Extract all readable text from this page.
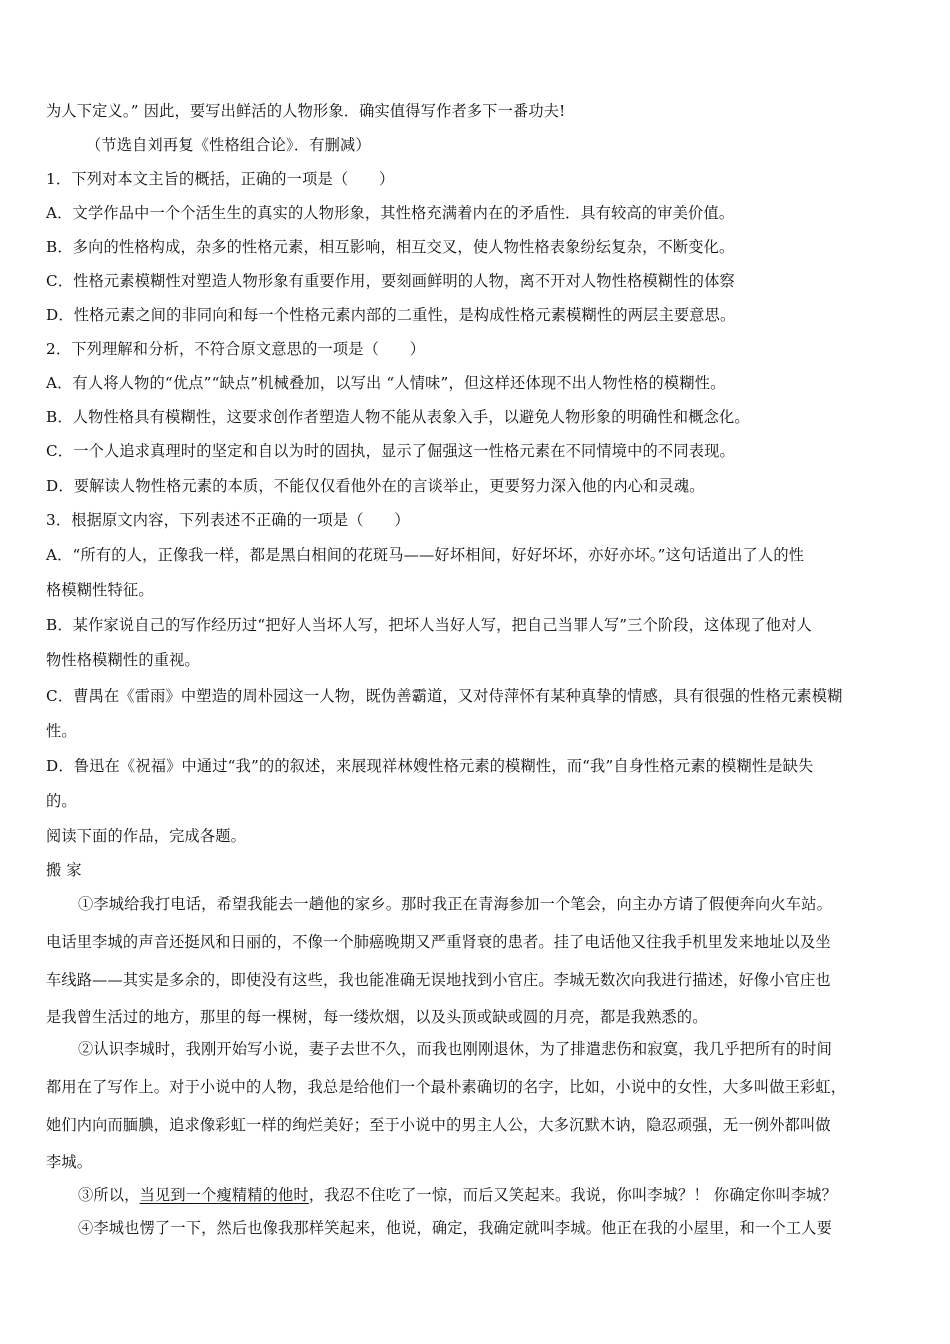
为人下定义。” 因此，要写出鲜活的人物形象．确实值得写作者多下一番功夫!
（节选自刘再复《性格组合论》．有删减）
1．下列对本文主旨的概括，正确的一项是（　　）
A．文学作品中一个个活生生的真实的人物形象，其性格充满着内在的矛盾性．具有较高的审美价值。
B．多向的性格构成，杂多的性格元素，相互影响，相互交叉，使人物性格表象纷纭复杂，不断变化。
C．性格元素模糊性对塑造人物形象有重要作用，要刻画鲜明的人物，离不开对人物性格模糊性的体察
D．性格元素之间的非同向和每一个性格元素内部的二重性，是构成性格元素模糊性的两层主要意思。
2．下列理解和分析，不符合原文意思的一项是（　　）
A．有人将人物的“优点”“缺点”机械叠加，以写出 “人情味”，但这样还体现不出人物性格的模糊性。
B．人物性格具有模糊性，这要求创作者塑造人物不能从表象入手，以避免人物形象的明确性和概念化。
C．一个人追求真理时的坚定和自以为时的固执，显示了倔强这一性格元素在不同情境中的不同表现。
D．要解读人物性格元素的本质，不能仅仅看他外在的言谈举止，更要努力深入他的内心和灵魂。
3．根据原文内容，下列表述不正确的一项是（　　）
A．“所有的人，正像我一样，都是黑白相间的花斑马——好坏相间，好好坏坏，亦好亦坏。”这句话道出了人的性
格模糊性特征。
B．某作家说自己的写作经历过“把好人当坏人写，把坏人当好人写，把自己当罪人写”三个阶段，这体现了他对人
物性格模糊性的重视。
C．曹禺在《雷雨》中塑造的周朴园这一人物，既伪善霸道，又对侍萍怀有某种真挚的情感，具有很强的性格元素模糊
性。
D．鲁迅在《祝福》中通过“我”的的叙述，来展现祥林嫂性格元素的模糊性，而“我”自身性格元素的模糊性是缺失
的。
阅读下面的作品，完成各题。
搬 家
①李城给我打电话，希望我能去一趟他的家乡。那时我正在青海参加一个笔会，向主办方请了假便奔向火车站。
电话里李城的声音还挺风和日丽的，不像一个肺癌晚期又严重肾衰的患者。挂了电话他又往我手机里发来地址以及坐
车线路——其实是多余的，即使没有这些，我也能准确无误地找到小官庄。李城无数次向我进行描述，好像小官庄也
是我曾生活过的地方，那里的每一棵树，每一缕炊烟，以及头顶或缺或圆的月亮，都是我熟悉的。
②认识李城时，我刚开始写小说，妻子去世不久，而我也刚刚退休，为了排遣悲伤和寂寞，我几乎把所有的时间
都用在了写作上。对于小说中的人物，我总是给他们一个最朴素确切的名字，比如，小说中的女性，大多叫做王彩虹，
她们内向而腼腆，追求像彩虹一样的绚烂美好；至于小说中的男主人公，大多沉默木讷，隐忍顽强，无一例外都叫做
李城。
③所以，当见到一个瘦精精的他时，我忍不住吃了一惊，而后又笑起来。我说，你叫李城？！ 你确定你叫李城？
④李城也愣了一下，然后也像我那样笑起来，他说，确定，我确定就叫李城。他正在我的小屋里，和一个工人要
